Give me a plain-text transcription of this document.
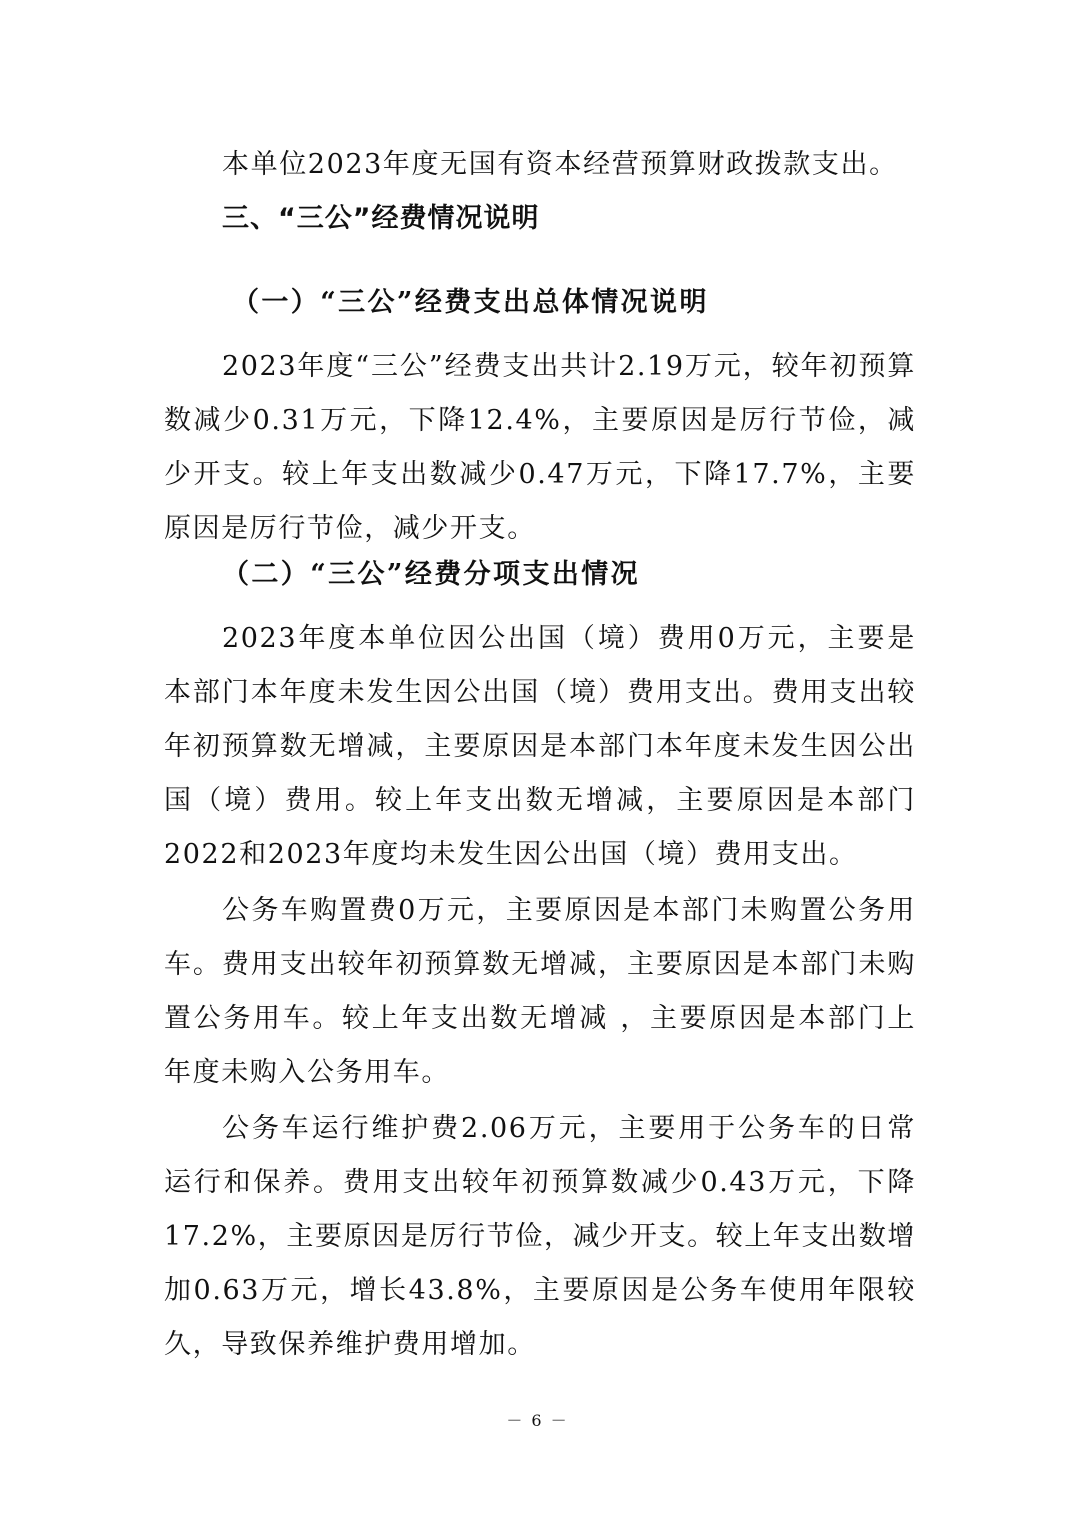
本单位2023年度无国有资本经营预算财政拨款支出。

三、“三公”经费情况说明
（一）“三公”经费支出总体情况说明

2023年度“三公”经费支出共计2.19万元，较年初预算数减少0.31万元，下降12.4%，主要原因是厉行节俭，减少开支。较上年支出数减少0.47万元，下降17.7%，主要原因是厉行节俭，减少开支。

（二）“三公”经费分项支出情况

2023年度本单位因公出国（境）费用0万元，主要是本部门本年度未发生因公出国（境）费用支出。费用支出较年初预算数无增减，主要原因是本部门本年度未发生因公出国（境）费用。较上年支出数无增减，主要原因是本部门2022和2023年度均未发生因公出国（境）费用支出。

公务车购置费0万元，主要原因是本部门未购置公务用车。费用支出较年初预算数无增减，主要原因是本部门未购置公务用车。较上年支出数无增减 ，主要原因是本部门上年度未购入公务用车。

公务车运行维护费2.06万元，主要用于公务车的日常运行和保养。费用支出较年初预算数减少0.43万元，下降17.2%，主要原因是厉行节俭，减少开支。较上年支出数增加0.63万元，增长43.8%，主要原因是公务车使用年限较久，导致保养维护费用增加。

－ 6 －
